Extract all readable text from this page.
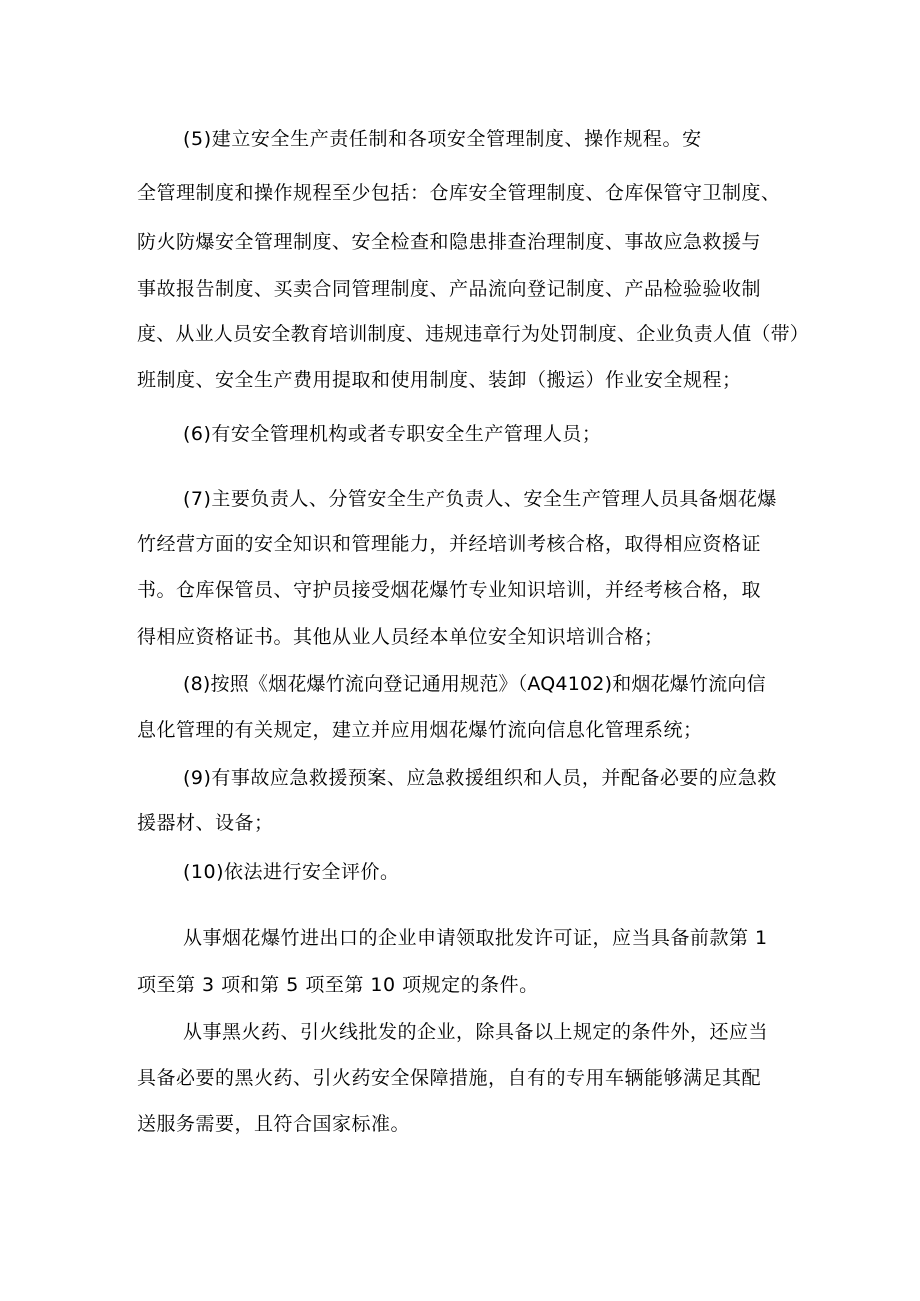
(5)建立安全生产责任制和各项安全管理制度、操作规程。安
全管理制度和操作规程至少包括：仓库安全管理制度、仓库保管守卫制度、
防火防爆安全管理制度、安全检查和隐患排查治理制度、事故应急救援与
事故报告制度、买卖合同管理制度、产品流向登记制度、产品检验验收制
度、从业人员安全教育培训制度、违规违章行为处罚制度、企业负责人值（带）
班制度、安全生产费用提取和使用制度、装卸（搬运）作业安全规程；
(6)有安全管理机构或者专职安全生产管理人员；
(7)主要负责人、分管安全生产负责人、安全生产管理人员具备烟花爆
竹经营方面的安全知识和管理能力，并经培训考核合格，取得相应资格证
书。仓库保管员、守护员接受烟花爆竹专业知识培训，并经考核合格，取
得相应资格证书。其他从业人员经本单位安全知识培训合格；
(8)按照《烟花爆竹流向登记通用规范》（AQ4102)和烟花爆竹流向信
息化管理的有关规定，建立并应用烟花爆竹流向信息化管理系统；
(9)有事故应急救援预案、应急救援组织和人员，并配备必要的应急救
援器材、设备；
(10)依法进行安全评价。
从事烟花爆竹进出口的企业申请领取批发许可证，应当具备前款第 1
项至第 3 项和第 5 项至第 10 项规定的条件。
从事黑火药、引火线批发的企业，除具备以上规定的条件外，还应当
具备必要的黑火药、引火药安全保障措施，自有的专用车辆能够满足其配
送服务需要，且符合国家标准。
